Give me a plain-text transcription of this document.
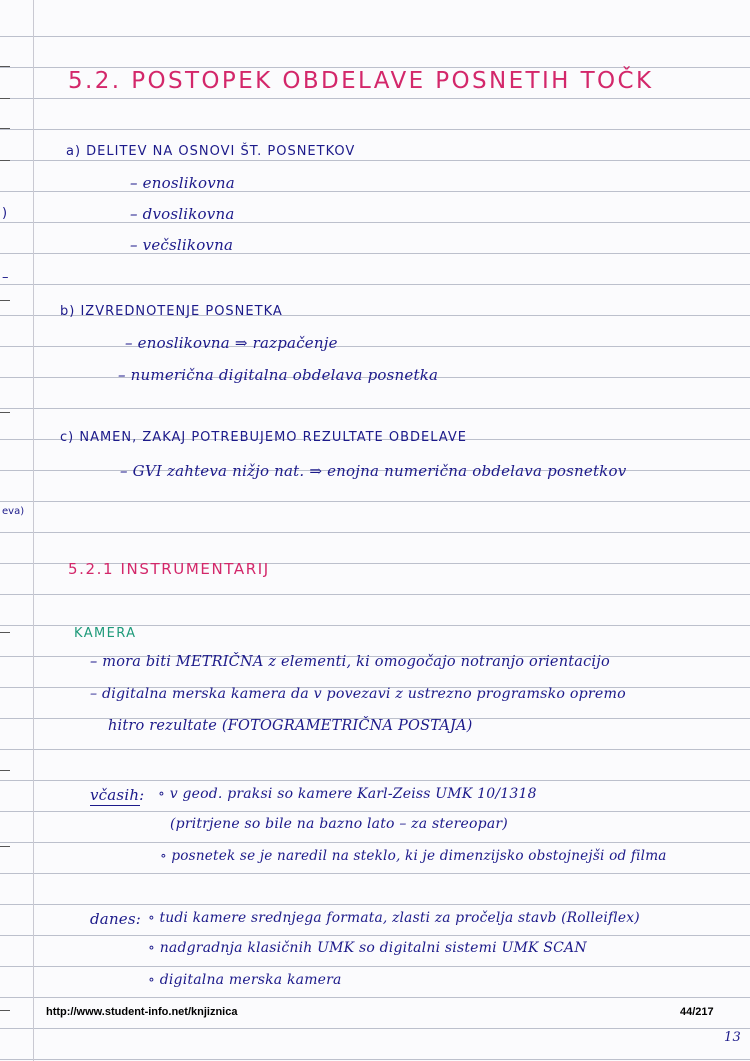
)
–
eva)
5.2. POSTOPEK OBDELAVE POSNETIH TOČK
a) DELITEV NA OSNOVI ŠT. POSNETKOV
– enoslikovna
– dvoslikovna
– večslikovna
b) IZVREDNOTENJE POSNETKA
– enoslikovna ⇒ razpačenje
– numerična digitalna obdelava posnetka
c) NAMEN, ZAKAJ POTREBUJEMO REZULTATE OBDELAVE
– GVI zahteva nižjo nat. ⇒ enojna numerična obdelava posnetkov
5.2.1 INSTRUMENTARIJ
KAMERA
– mora biti METRIČNA z elementi, ki omogočajo notranjo orientacijo
– digitalna merska kamera da v povezavi z ustrezno programsko opremo
hitro rezultate (FOTOGRAMETRIČNA POSTAJA)
včasih: ∘ v geod. praksi so kamere Karl-Zeiss UMK 10/1318
(pritrjene so bile na bazno lato – za stereopar)
∘ posnetek se je naredil na steklo, ki je dimenzijsko obstojnejši od filma
danes: ∘ tudi kamere srednjega formata, zlasti za pročelja stavb (Rolleiflex)
∘ nadgradnja klasičnih UMK so digitalni sistemi UMK SCAN
∘ digitalna merska kamera
http://www.student-info.net/knjiznica	44/217
13
